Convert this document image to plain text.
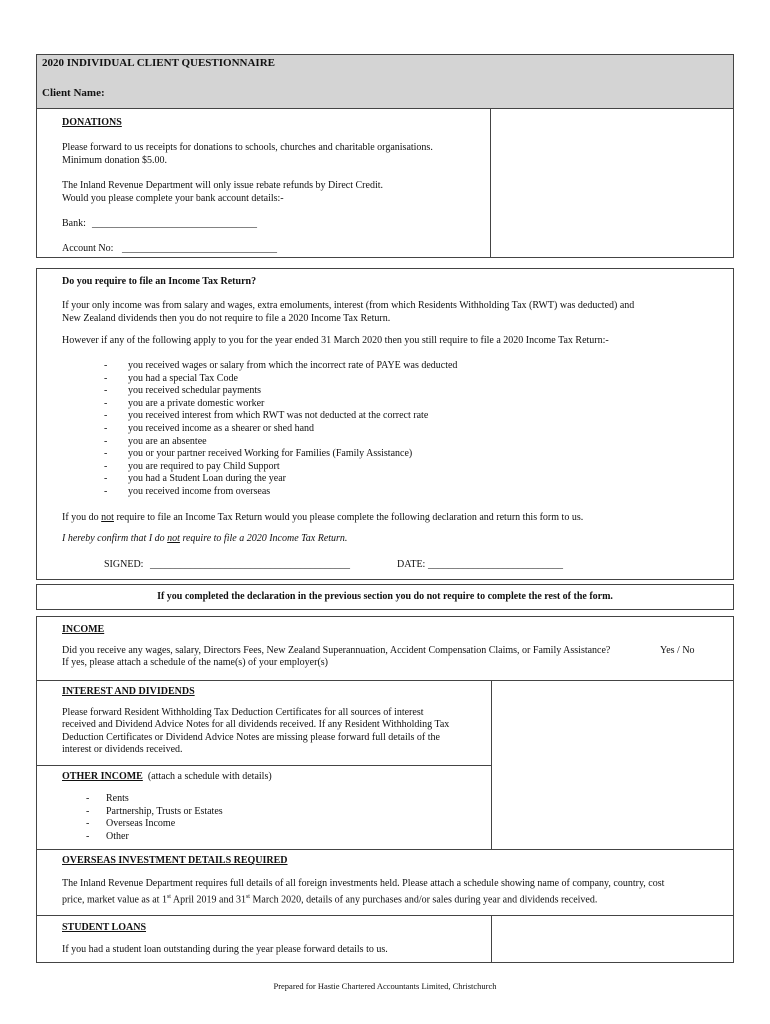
2020 INDIVIDUAL CLIENT QUESTIONNAIRE
Client Name:
DONATIONS
Please forward to us receipts for donations to schools, churches and charitable organisations.
Minimum donation $5.00.
The Inland Revenue Department will only issue rebate refunds by Direct Credit.
Would you please complete your bank account details:-
Bank: _________________________________
Account No: _______________________________
Do you require to file an Income Tax Return?
If your only income was from salary and wages, extra emoluments, interest (from which Residents Withholding Tax (RWT) was deducted) and
New Zealand dividends then you do not require to file a 2020 Income Tax Return.
However if any of the following apply to you for the year ended 31 March 2020 then you still require to file a 2020 Income Tax Return:-
- you received wages or salary from which the incorrect rate of PAYE was deducted
- you had a special Tax Code
- you received schedular payments
- you are a private domestic worker
- you received interest from which RWT was not deducted at the correct rate
- you received income as a shearer or shed hand
- you are an absentee
- you or your partner received Working for Families (Family Assistance)
- you are required to pay Child Support
- you had a Student Loan during the year
- you received income from overseas
If you do not require to file an Income Tax Return would you please complete the following declaration and return this form to us.
I hereby confirm that I do not require to file a 2020 Income Tax Return.
SIGNED: ________________________________________	DATE: ___________________________
If you completed the declaration in the previous section you do not require to complete the rest of the form.
INCOME
Did you receive any wages, salary, Directors Fees, New Zealand Superannuation, Accident Compensation Claims, or Family Assistance?	Yes / No
If yes, please attach a schedule of the name(s) of your employer(s)
INTEREST AND DIVIDENDS
Please forward Resident Withholding Tax Deduction Certificates for all sources of interest
received and Dividend Advice Notes for all dividends received. If any Resident Withholding Tax
Deduction Certificates or Dividend Advice Notes are missing please forward full details of the
interest or dividends received.
OTHER INCOME (attach a schedule with details)
- Rents
- Partnership, Trusts or Estates
- Overseas Income
- Other
OVERSEAS INVESTMENT DETAILS REQUIRED
The Inland Revenue Department requires full details of all foreign investments held. Please attach a schedule showing name of company, country, cost
price, market value as at 1st April 2019 and 31st March 2020, details of any purchases and/or sales during year and dividends received.
STUDENT LOANS
If you had a student loan outstanding during the year please forward details to us.
Prepared for Hastie Chartered Accountants Limited, Christchurch
